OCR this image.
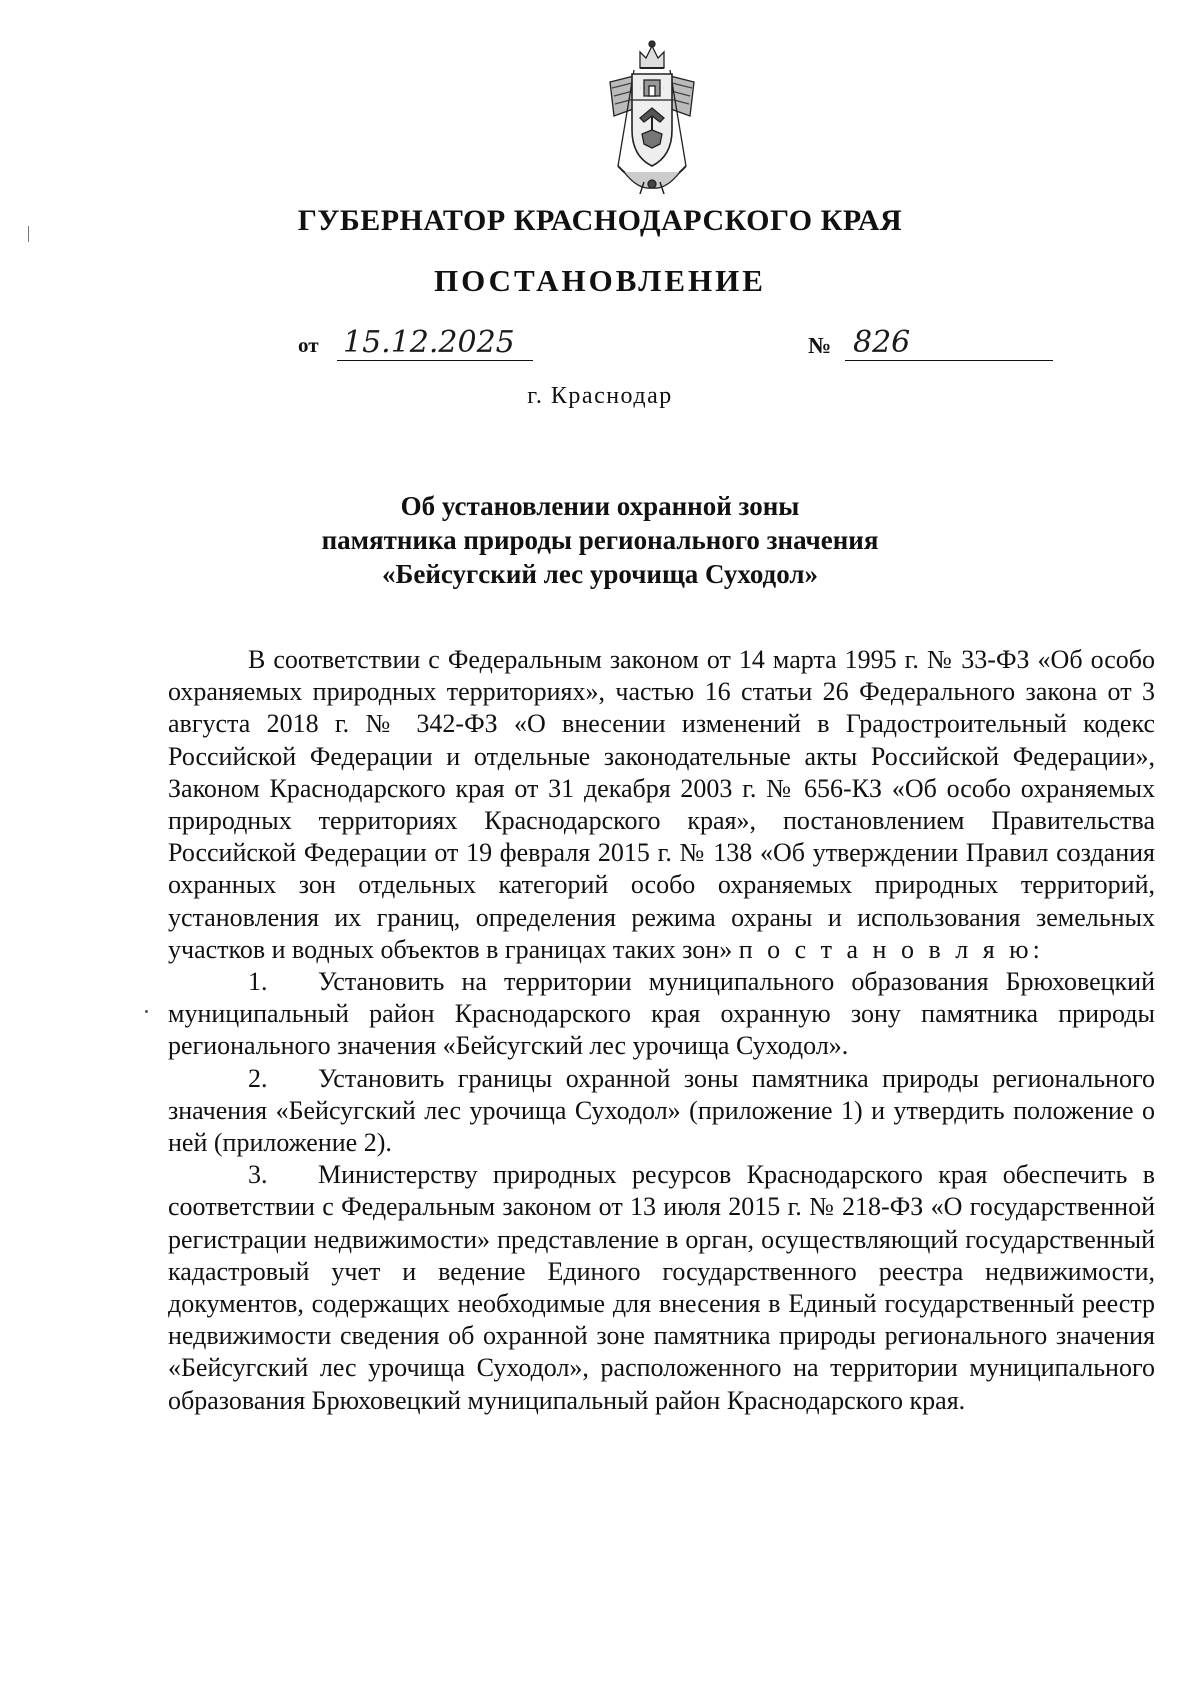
ГУБЕРНАТОР КРАСНОДАРСКОГО КРАЯ
ПОСТАНОВЛЕНИЕ
от 15.12.2025	№ 826
г. Краснодар
Об установлении охранной зоны
памятника природы регионального значения
«Бейсугский лес урочища Суходол»

В соответствии с Федеральным законом от 14 марта 1995 г. № 33-ФЗ «Об особо охраняемых природных территориях», частью 16 статьи 26 Федерального закона от 3 августа 2018 г. № 342-ФЗ «О внесении изменений в Градостроительный кодекс Российской Федерации и отдельные законодательные акты Российской Федерации», Законом Краснодарского края от 31 декабря 2003 г. № 656-КЗ «Об особо охраняемых природных территориях Краснодарского края», постановлением Правительства Российской Федерации от 19 февраля 2015 г. № 138 «Об утверждении Правил создания охранных зон отдельных категорий особо охраняемых природных территорий, установления их границ, определения режима охраны и использования земельных участков и водных объектов в границах таких зон» п о с т а н о в л я ю:

1. Установить на территории муниципального образования Брюховецкий муниципальный район Краснодарского края охранную зону памятника природы регионального значения «Бейсугский лес урочища Суходол».

2. Установить границы охранной зоны памятника природы регионального значения «Бейсугский лес урочища Суходол» (приложение 1) и утвердить положение о ней (приложение 2).

3. Министерству природных ресурсов Краснодарского края обеспечить в соответствии с Федеральным законом от 13 июля 2015 г. № 218-ФЗ «О государственной регистрации недвижимости» представление в орган, осуществляющий государственный кадастровый учет и ведение Единого государственного реестра недвижимости, документов, содержащих необходимые для внесения в Единый государственный реестр недвижимости сведения об охранной зоне памятника природы регионального значения «Бейсугский лес урочища Суходол», расположенного на территории муниципального образования Брюховецкий муниципальный район Краснодарского края.
